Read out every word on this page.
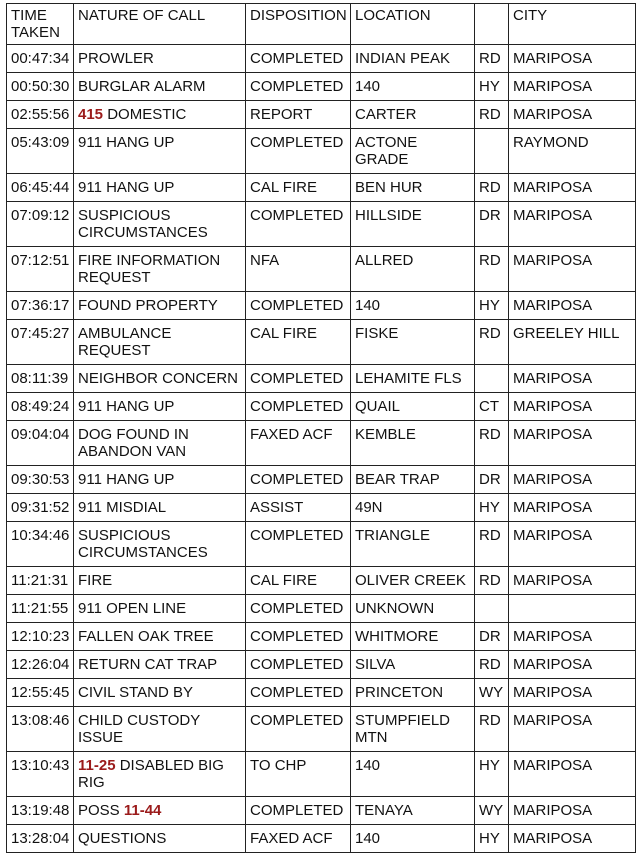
TIME TAKEN	NATURE OF CALL	DISPOSITION	LOCATION		CITY
00:47:34	PROWLER	COMPLETED	INDIAN PEAK	RD	MARIPOSA
00:50:30	BURGLAR ALARM	COMPLETED	140	HY	MARIPOSA
02:55:56	415 DOMESTIC	REPORT	CARTER	RD	MARIPOSA
05:43:09	911 HANG UP	COMPLETED	ACTONE GRADE		RAYMOND
06:45:44	911 HANG UP	CAL FIRE	BEN HUR	RD	MARIPOSA
07:09:12	SUSPICIOUS CIRCUMSTANCES	COMPLETED	HILLSIDE	DR	MARIPOSA
07:12:51	FIRE INFORMATION REQUEST	NFA	ALLRED	RD	MARIPOSA
07:36:17	FOUND PROPERTY	COMPLETED	140	HY	MARIPOSA
07:45:27	AMBULANCE REQUEST	CAL FIRE	FISKE	RD	GREELEY HILL
08:11:39	NEIGHBOR CONCERN	COMPLETED	LEHAMITE FLS		MARIPOSA
08:49:24	911 HANG UP	COMPLETED	QUAIL	CT	MARIPOSA
09:04:04	DOG FOUND IN ABANDON VAN	FAXED ACF	KEMBLE	RD	MARIPOSA
09:30:53	911 HANG UP	COMPLETED	BEAR TRAP	DR	MARIPOSA
09:31:52	911 MISDIAL	ASSIST	49N	HY	MARIPOSA
10:34:46	SUSPICIOUS CIRCUMSTANCES	COMPLETED	TRIANGLE	RD	MARIPOSA
11:21:31	FIRE	CAL FIRE	OLIVER CREEK	RD	MARIPOSA
11:21:55	911 OPEN LINE	COMPLETED	UNKNOWN		
12:10:23	FALLEN OAK TREE	COMPLETED	WHITMORE	DR	MARIPOSA
12:26:04	RETURN CAT TRAP	COMPLETED	SILVA	RD	MARIPOSA
12:55:45	CIVIL STAND BY	COMPLETED	PRINCETON	WY	MARIPOSA
13:08:46	CHILD CUSTODY ISSUE	COMPLETED	STUMPFIELD MTN	RD	MARIPOSA
13:10:43	11-25 DISABLED BIG RIG	TO CHP	140	HY	MARIPOSA
13:19:48	POSS 11-44	COMPLETED	TENAYA	WY	MARIPOSA
13:28:04	QUESTIONS	FAXED ACF	140	HY	MARIPOSA
